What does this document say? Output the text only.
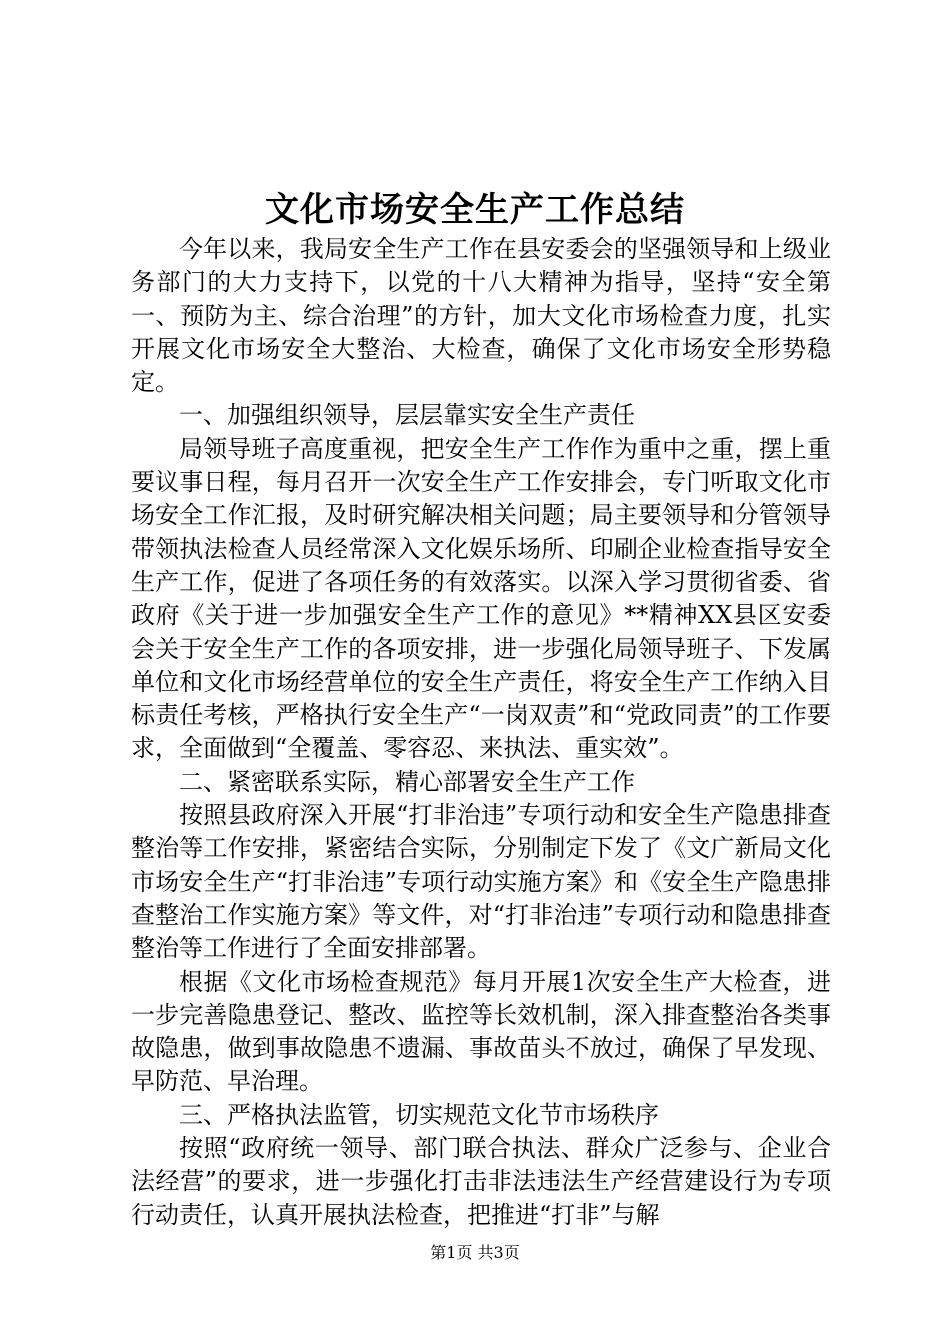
文化市场安全生产工作总结

今年以来，我局安全生产工作在县安委会的坚强领导和上级业务部门的大力支持下，以党的十八大精神为指导，坚持“安全第一、预防为主、综合治理”的方针，加大文化市场检查力度，扎实开展文化市场安全大整治、大检查，确保了文化市场安全形势稳定。

一、加强组织领导，层层靠实安全生产责任

局领导班子高度重视，把安全生产工作作为重中之重，摆上重要议事日程，每月召开一次安全生产工作安排会，专门听取文化市场安全工作汇报，及时研究解决相关问题；局主要领导和分管领导带领执法检查人员经常深入文化娱乐场所、印刷企业检查指导安全生产工作，促进了各项任务的有效落实。以深入学习贯彻省委、省政府《关于进一步加强安全生产工作的意见》**精神XX县区安委会关于安全生产工作的各项安排，进一步强化局领导班子、下发属单位和文化市场经营单位的安全生产责任，将安全生产工作纳入目标责任考核，严格执行安全生产“一岗双责”和“党政同责”的工作要求，全面做到“全覆盖、零容忍、来执法、重实效”。

二、紧密联系实际，精心部署安全生产工作

按照县政府深入开展“打非治违”专项行动和安全生产隐患排查整治等工作安排，紧密结合实际，分别制定下发了《文广新局文化市场安全生产“打非治违”专项行动实施方案》和《安全生产隐患排查整治工作实施方案》等文件，对“打非治违”专项行动和隐患排查整治等工作进行了全面安排部署。

根据《文化市场检查规范》每月开展1次安全生产大检查，进一步完善隐患登记、整改、监控等长效机制，深入排查整治各类事故隐患，做到事故隐患不遗漏、事故苗头不放过，确保了早发现、早防范、早治理。

三、严格执法监管，切实规范文化节市场秩序

按照“政府统一领导、部门联合执法、群众广泛参与、企业合法经营”的要求，进一步强化打击非法违法生产经营建设行为专项行动责任，认真开展执法检查，把推进“打非”与解

第1页 共3页
